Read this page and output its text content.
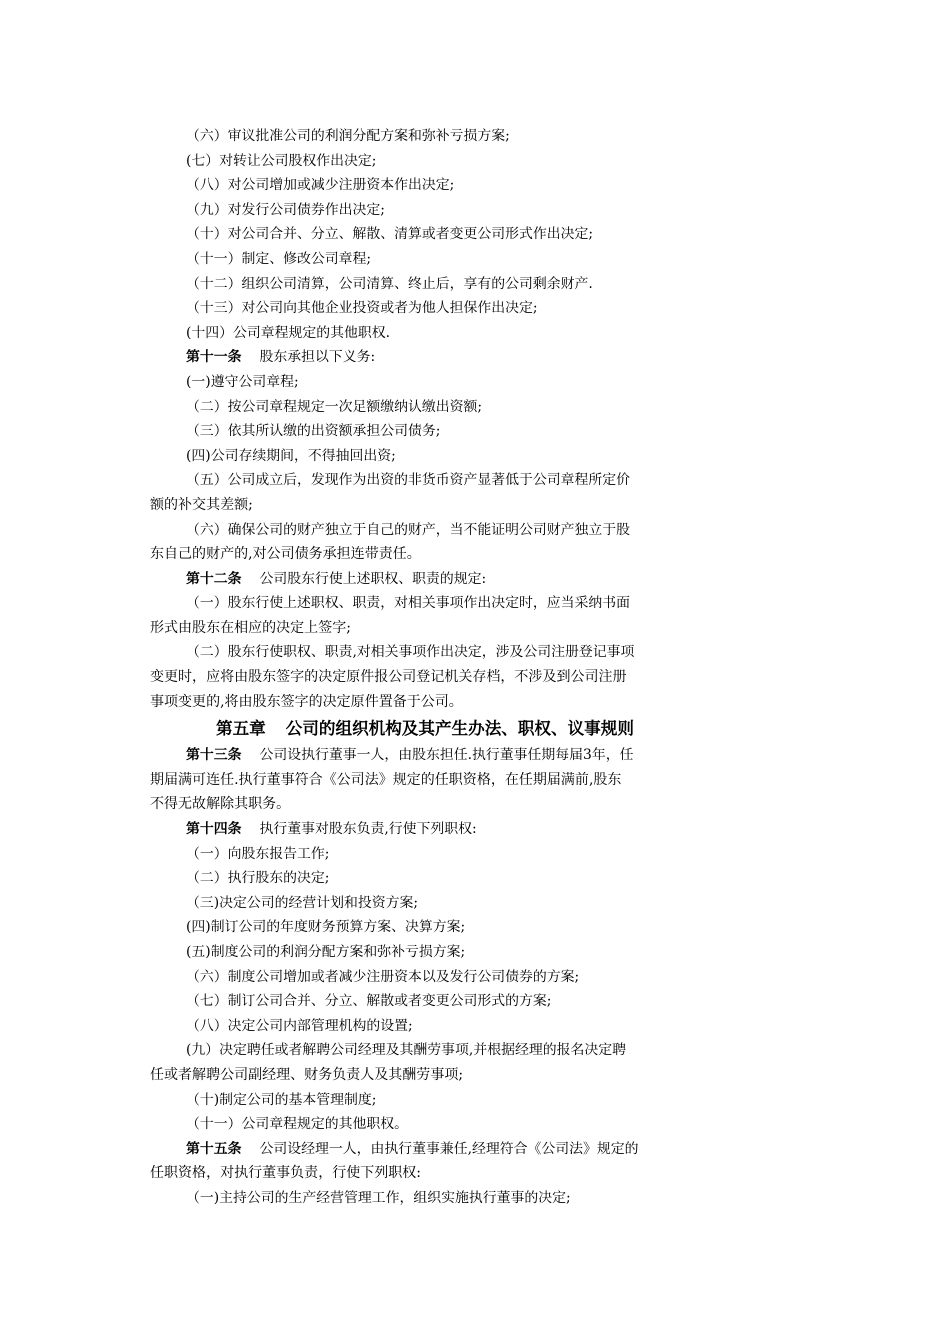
（六）审议批准公司的利润分配方案和弥补亏损方案;
(七）对转让公司股权作出决定;
（八）对公司增加或减少注册资本作出决定;
（九）对发行公司债券作出决定;
（十）对公司合并、分立、解散、清算或者变更公司形式作出决定;
（十一）制定、修改公司章程;
（十二）组织公司清算，公司清算、终止后，享有的公司剩余财产.
（十三）对公司向其他企业投资或者为他人担保作出决定;
(十四）公司章程规定的其他职权.
第十一条 股东承担以下义务:
(一)遵守公司章程;
（二）按公司章程规定一次足额缴纳认缴出资额;
（三）依其所认缴的出资额承担公司债务;
(四)公司存续期间，不得抽回出资;
（五）公司成立后，发现作为出资的非货币资产显著低于公司章程所定价
额的补交其差额;
（六）确保公司的财产独立于自己的财产，当不能证明公司财产独立于股
东自己的财产的,对公司债务承担连带责任。
第十二条 公司股东行使上述职权、职责的规定:
（一）股东行使上述职权、职责，对相关事项作出决定时，应当采纳书面
形式由股东在相应的决定上签字;
（二）股东行使职权、职责,对相关事项作出决定，涉及公司注册登记事项
变更时，应将由股东签字的决定原件报公司登记机关存档，不涉及到公司注册
事项变更的,将由股东签字的决定原件置备于公司。
第五章 公司的组织机构及其产生办法、职权、议事规则
第十三条 公司设执行董事一人，由股东担任.执行董事任期每届3年，任
期届满可连任.执行董事符合《公司法》规定的任职资格，在任期届满前,股东
不得无故解除其职务。
第十四条 执行董事对股东负责,行使下列职权:
（一）向股东报告工作;
（二）执行股东的决定;
（三)决定公司的经营计划和投资方案;
(四)制订公司的年度财务预算方案、决算方案;
(五)制度公司的利润分配方案和弥补亏损方案;
（六）制度公司增加或者减少注册资本以及发行公司债券的方案;
（七）制订公司合并、分立、解散或者变更公司形式的方案;
（八）决定公司内部管理机构的设置;
(九）决定聘任或者解聘公司经理及其酬劳事项,并根据经理的报名决定聘
任或者解聘公司副经理、财务负责人及其酬劳事项;
（十)制定公司的基本管理制度;
（十一）公司章程规定的其他职权。
第十五条 公司设经理一人，由执行董事兼任,经理符合《公司法》规定的
任职资格，对执行董事负责，行使下列职权:
（一)主持公司的生产经营管理工作，组织实施执行董事的决定;
